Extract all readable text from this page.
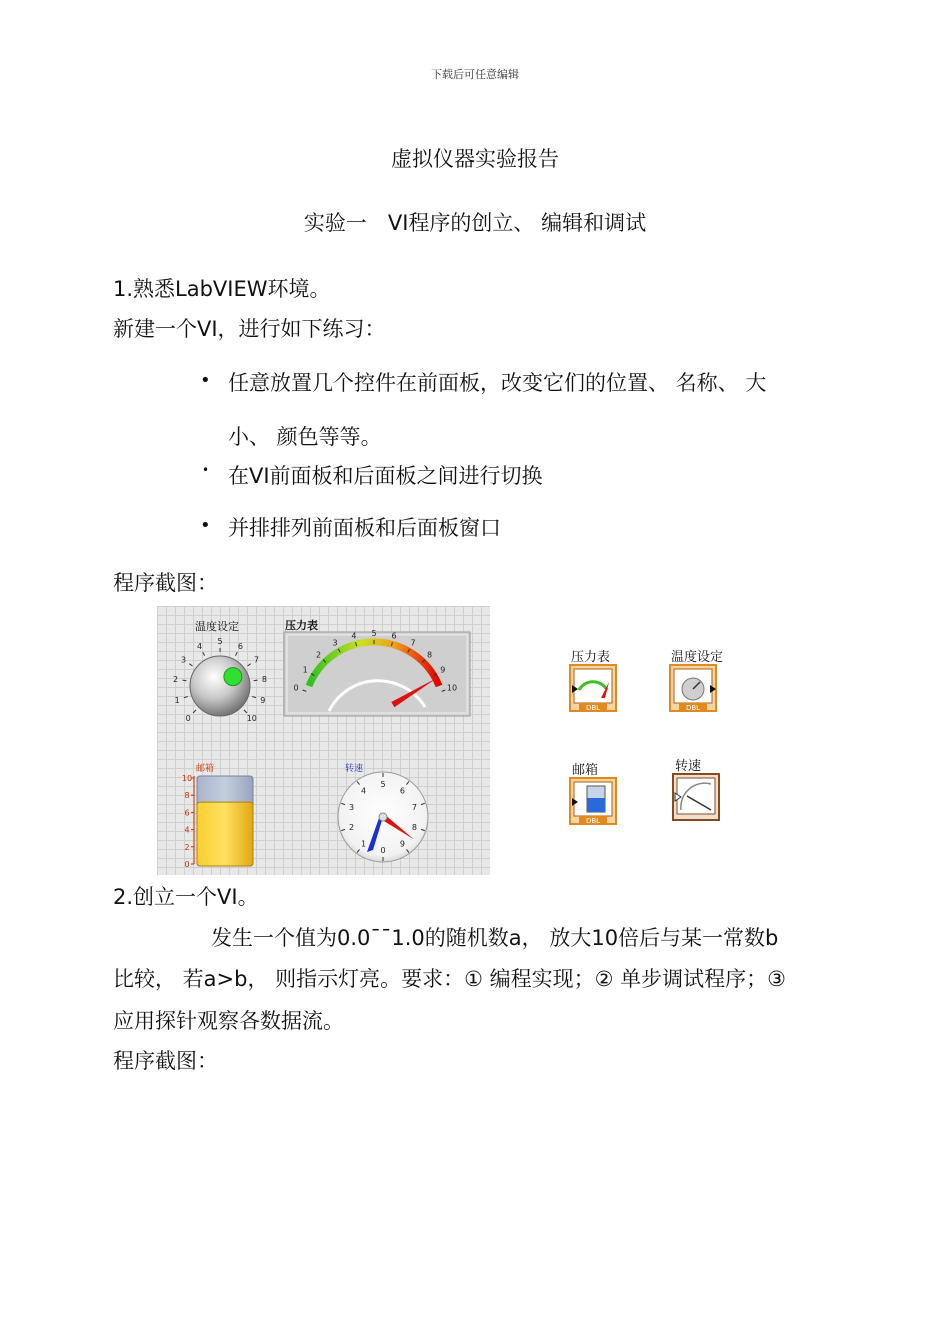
下载后可任意编辑
虚拟仪器实验报告
实验一　VI程序的创立、 编辑和调试
1.熟悉LabVIEW环境。
新建一个VI，进行如下练习：
• 任意放置几个控件在前面板，改变它们的位置、 名称、 大
小、 颜色等等。
• 在VI前面板和后面板之间进行切换
• 并排排列前面板和后面板窗口
程序截图：
温度设定	压力表
邮箱	转速
0
1
2
3
4
5
6
7
8
9
10
0
1
2
3
4 5 6
7
8
9
10
10
8
6
4
2
0
0
1
2
3
4
5
6
7
8
9
压力表	温度设定
邮箱	转速
DBL	DBL
DBL
2.创立一个VI。
发生一个值为0.0¯¯1.0的随机数a， 放大10倍后与某一常数b
比较， 若a>b， 则指示灯亮。要求：① 编程实现；② 单步调试程序；③
应用探针观察各数据流。
程序截图：
